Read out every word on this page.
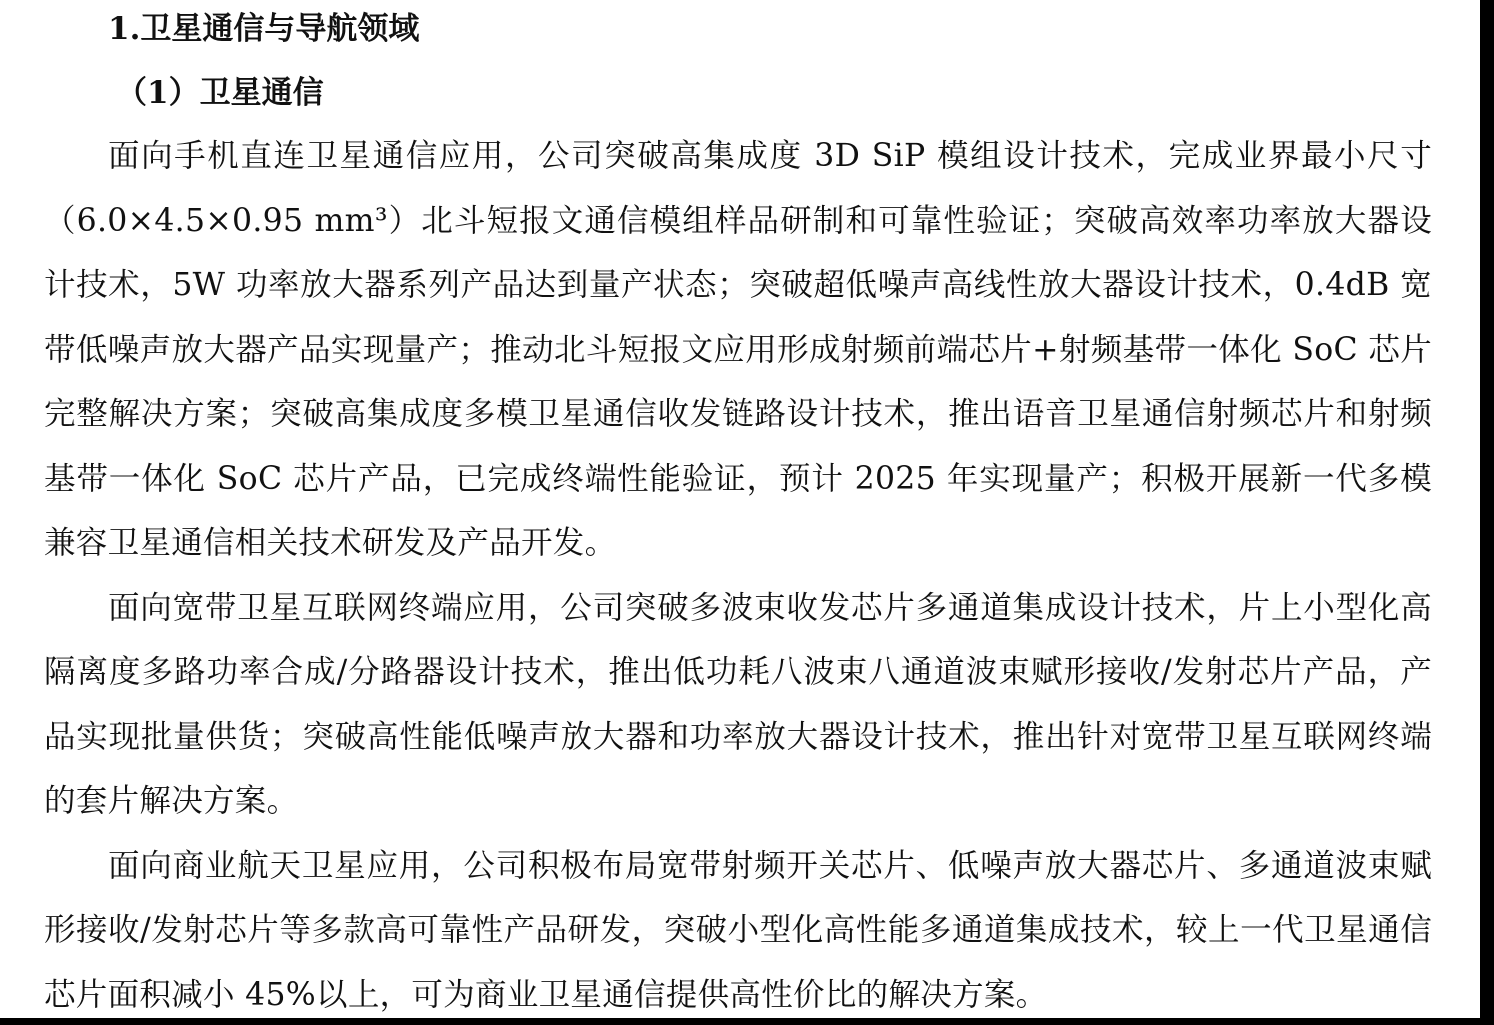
1.卫星通信与导航领域
（1）卫星通信

面向手机直连卫星通信应用，公司突破高集成度 3D SiP 模组设计技术，完成业界最小尺寸（6.0×4.5×0.95 mm³）北斗短报文通信模组样品研制和可靠性验证；突破高效率功率放大器设计技术，5W 功率放大器系列产品达到量产状态；突破超低噪声高线性放大器设计技术，0.4dB 宽带低噪声放大器产品实现量产；推动北斗短报文应用形成射频前端芯片+射频基带一体化 SoC 芯片完整解决方案；突破高集成度多模卫星通信收发链路设计技术，推出语音卫星通信射频芯片和射频基带一体化 SoC 芯片产品，已完成终端性能验证，预计 2025 年实现量产；积极开展新一代多模兼容卫星通信相关技术研发及产品开发。

面向宽带卫星互联网终端应用，公司突破多波束收发芯片多通道集成设计技术，片上小型化高隔离度多路功率合成/分路器设计技术，推出低功耗八波束八通道波束赋形接收/发射芯片产品，产品实现批量供货；突破高性能低噪声放大器和功率放大器设计技术，推出针对宽带卫星互联网终端的套片解决方案。

面向商业航天卫星应用，公司积极布局宽带射频开关芯片、低噪声放大器芯片、多通道波束赋形接收/发射芯片等多款高可靠性产品研发，突破小型化高性能多通道集成技术，较上一代卫星通信芯片面积减小 45%以上，可为商业卫星通信提供高性价比的解决方案。
